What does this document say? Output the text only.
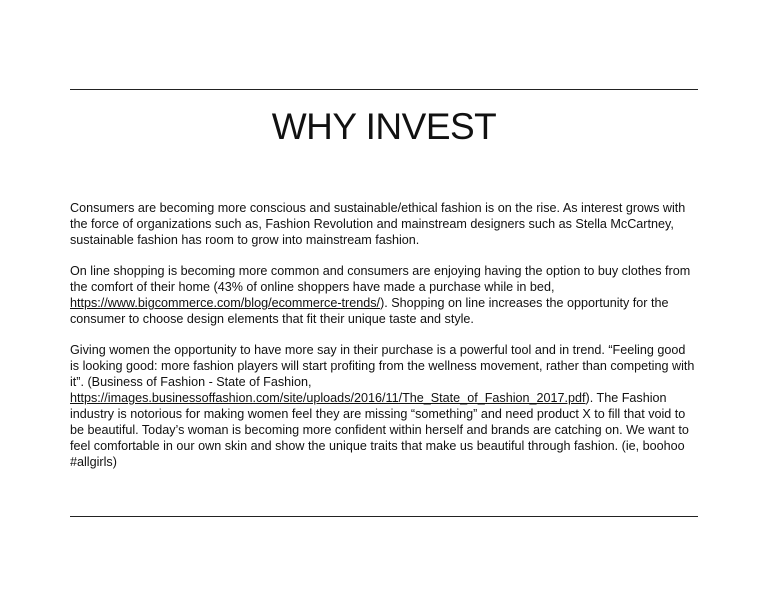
WHY INVEST

Consumers are becoming more conscious and sustainable/ethical fashion is on the rise. As interest grows with the force of organizations such as, Fashion Revolution and mainstream designers such as Stella McCartney, sustainable fashion has room to grow into mainstream fashion.

On line shopping is becoming more common and consumers are enjoying having the option to buy clothes from the comfort of their home (43% of online shoppers have made a purchase while in bed, https://www.bigcommerce.com/blog/ecommerce-trends/). Shopping on line increases the opportunity for the consumer to choose design elements that fit their unique taste and style.

Giving women the opportunity to have more say in their purchase is a powerful tool and in trend. “Feeling good is looking good: more fashion players will start profiting from the wellness movement, rather than competing with it”. (Business of Fashion - State of Fashion, https://images.businessoffashion.com/site/uploads/2016/11/The_State_of_Fashion_2017.pdf). The Fashion industry is notorious for making women feel they are missing “something” and need product X to fill that void to be beautiful. Today’s woman is becoming more confident within herself and brands are catching on. We want to feel comfortable in our own skin and show the unique traits that make us beautiful through fashion. (ie, boohoo #allgirls)
